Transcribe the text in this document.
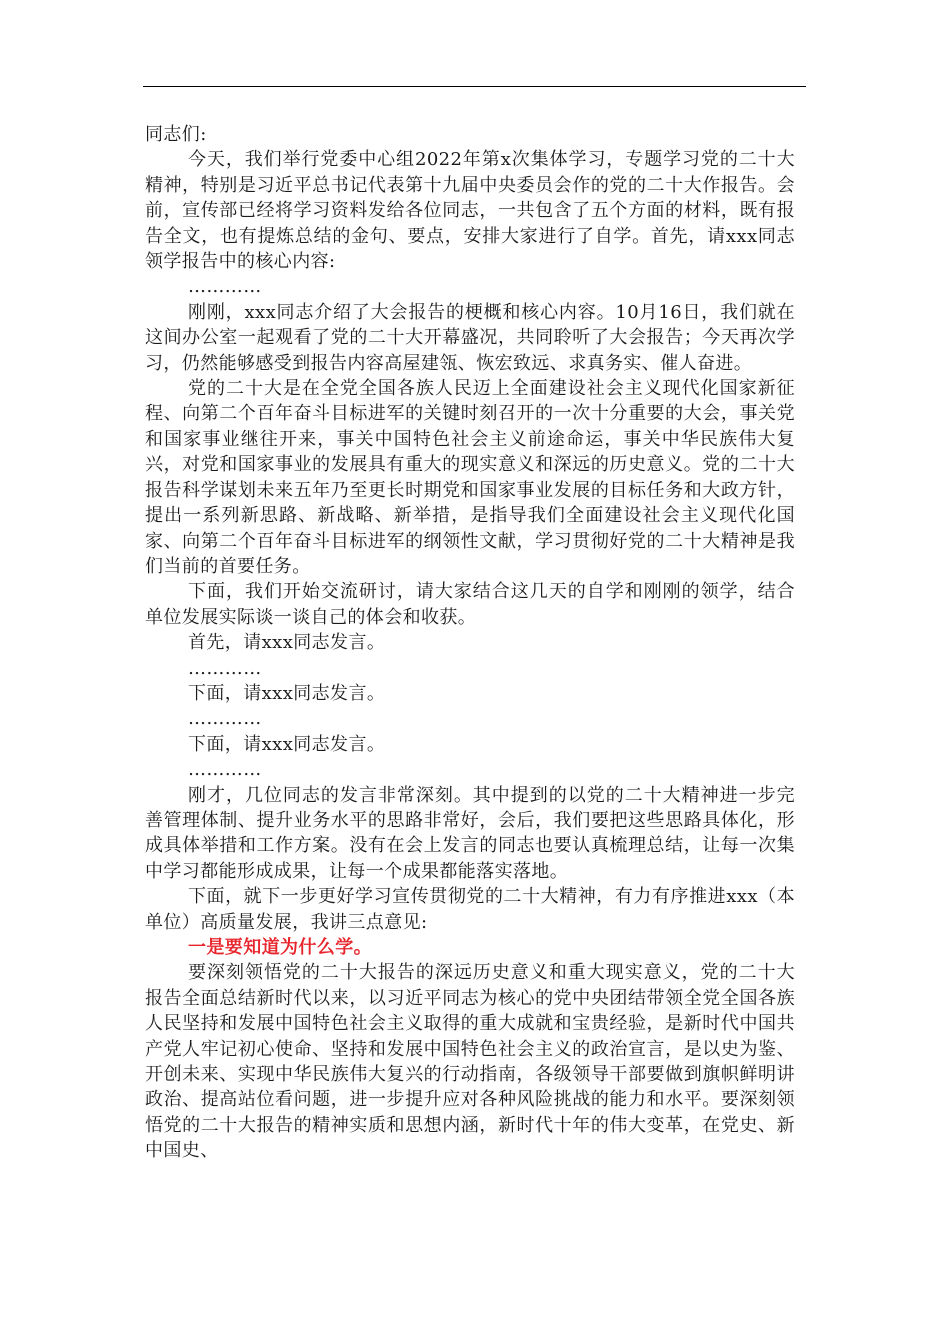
同志们:

今天，我们举行党委中心组2022年第x次集体学习，专题学习党的二十大精神，特别是习近平总书记代表第十九届中央委员会作的党的二十大作报告。会前，宣传部已经将学习资料发给各位同志，一共包含了五个方面的材料，既有报告全文，也有提炼总结的金句、要点，安排大家进行了自学。首先，请xxx同志领学报告中的核心内容:

…………

刚刚，xxx同志介绍了大会报告的梗概和核心内容。10月16日，我们就在这间办公室一起观看了党的二十大开幕盛况，共同聆听了大会报告；今天再次学习，仍然能够感受到报告内容高屋建瓴、恢宏致远、求真务实、催人奋进。

党的二十大是在全党全国各族人民迈上全面建设社会主义现代化国家新征程、向第二个百年奋斗目标进军的关键时刻召开的一次十分重要的大会，事关党和国家事业继往开来，事关中国特色社会主义前途命运，事关中华民族伟大复兴，对党和国家事业的发展具有重大的现实意义和深远的历史意义。党的二十大报告科学谋划未来五年乃至更长时期党和国家事业发展的目标任务和大政方针，提出一系列新思路、新战略、新举措，是指导我们全面建设社会主义现代化国家、向第二个百年奋斗目标进军的纲领性文献，学习贯彻好党的二十大精神是我们当前的首要任务。

下面，我们开始交流研讨，请大家结合这几天的自学和刚刚的领学，结合单位发展实际谈一谈自己的体会和收获。

首先，请xxx同志发言。

…………

下面，请xxx同志发言。

…………

下面，请xxx同志发言。

…………

刚才，几位同志的发言非常深刻。其中提到的以党的二十大精神进一步完善管理体制、提升业务水平的思路非常好，会后，我们要把这些思路具体化，形成具体举措和工作方案。没有在会上发言的同志也要认真梳理总结，让每一次集中学习都能形成成果，让每一个成果都能落实落地。

下面，就下一步更好学习宣传贯彻党的二十大精神，有力有序推进xxx（本单位）高质量发展，我讲三点意见:

一是要知道为什么学。

要深刻领悟党的二十大报告的深远历史意义和重大现实意义，党的二十大报告全面总结新时代以来，以习近平同志为核心的党中央团结带领全党全国各族人民坚持和发展中国特色社会主义取得的重大成就和宝贵经验，是新时代中国共产党人牢记初心使命、坚持和发展中国特色社会主义的政治宣言，是以史为鉴、开创未来、实现中华民族伟大复兴的行动指南，各级领导干部要做到旗帜鲜明讲政治、提高站位看问题，进一步提升应对各种风险挑战的能力和水平。要深刻领悟党的二十大报告的精神实质和思想内涵，新时代十年的伟大变革，在党史、新中国史、
